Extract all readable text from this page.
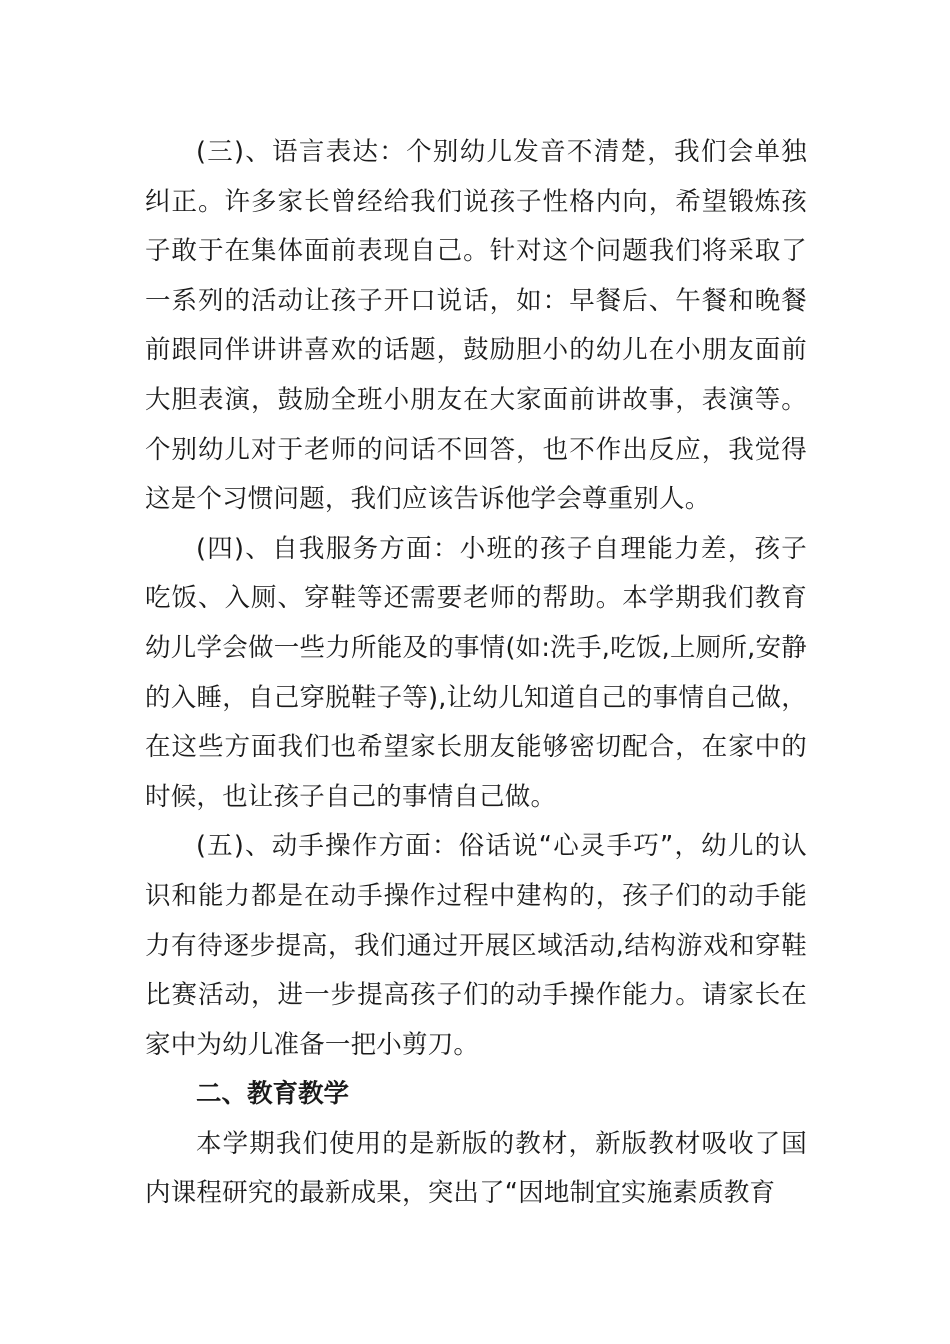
(三)、语言表达：个别幼儿发音不清楚，我们会单独纠正。许多家长曾经给我们说孩子性格内向，希望锻炼孩子敢于在集体面前表现自己。针对这个问题我们将采取了一系列的活动让孩子开口说话，如：早餐后、午餐和晚餐前跟同伴讲讲喜欢的话题，鼓励胆小的幼儿在小朋友面前大胆表演，鼓励全班小朋友在大家面前讲故事，表演等。个别幼儿对于老师的问话不回答，也不作出反应，我觉得这是个习惯问题，我们应该告诉他学会尊重别人。

(四)、自我服务方面：小班的孩子自理能力差，孩子吃饭、入厕、穿鞋等还需要老师的帮助。本学期我们教育幼儿学会做一些力所能及的事情(如:洗手,吃饭,上厕所,安静的入睡，自己穿脱鞋子等),让幼儿知道自己的事情自己做，在这些方面我们也希望家长朋友能够密切配合，在家中的时候，也让孩子自己的事情自己做。

(五)、动手操作方面：俗话说“心灵手巧”，幼儿的认识和能力都是在动手操作过程中建构的，孩子们的动手能力有待逐步提高，我们通过开展区域活动,结构游戏和穿鞋比赛活动，进一步提高孩子们的动手操作能力。请家长在家中为幼儿准备一把小剪刀。

二、教育教学

本学期我们使用的是新版的教材，新版教材吸收了国内课程研究的最新成果，突出了“因地制宜实施素质教育
